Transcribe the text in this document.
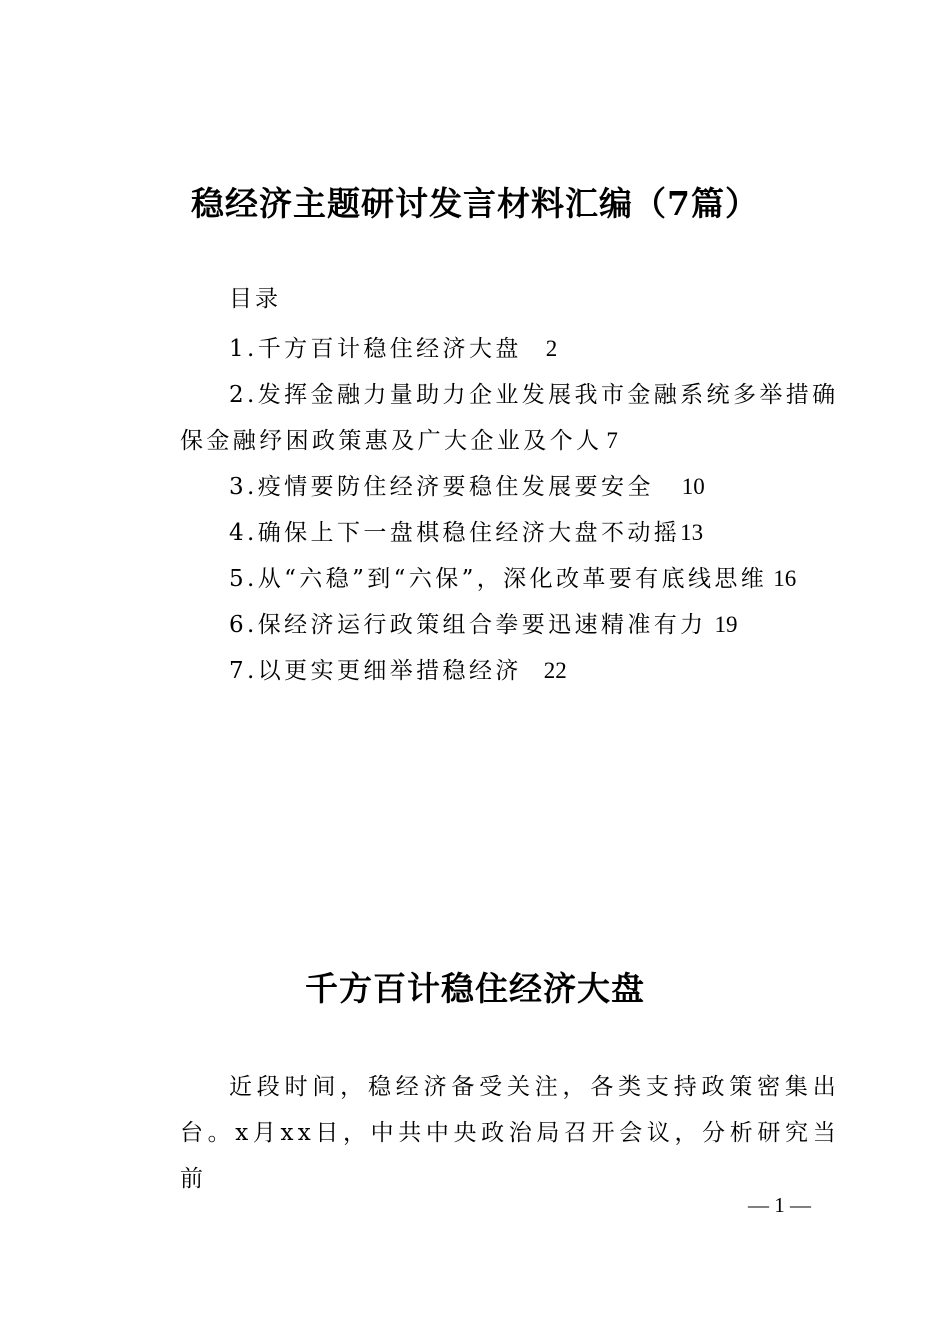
稳经济主题研讨发言材料汇编（7篇）

目录

1.千方百计稳住经济大盘 2
2.发挥金融力量助力企业发展我市金融系统多举措确保金融纾困政策惠及广大企业及个人 7
3.疫情要防住经济要稳住发展要安全 10
4.确保上下一盘棋稳住经济大盘不动摇13
5.从“六稳”到“六保”，深化改革要有底线思维 16
6.保经济运行政策组合拳要迅速精准有力 19
7.以更实更细举措稳经济 22
千方百计稳住经济大盘

近段时间，稳经济备受关注，各类支持政策密集出台。x月xx日，中共中央政治局召开会议，分析研究当前

— 1 —
